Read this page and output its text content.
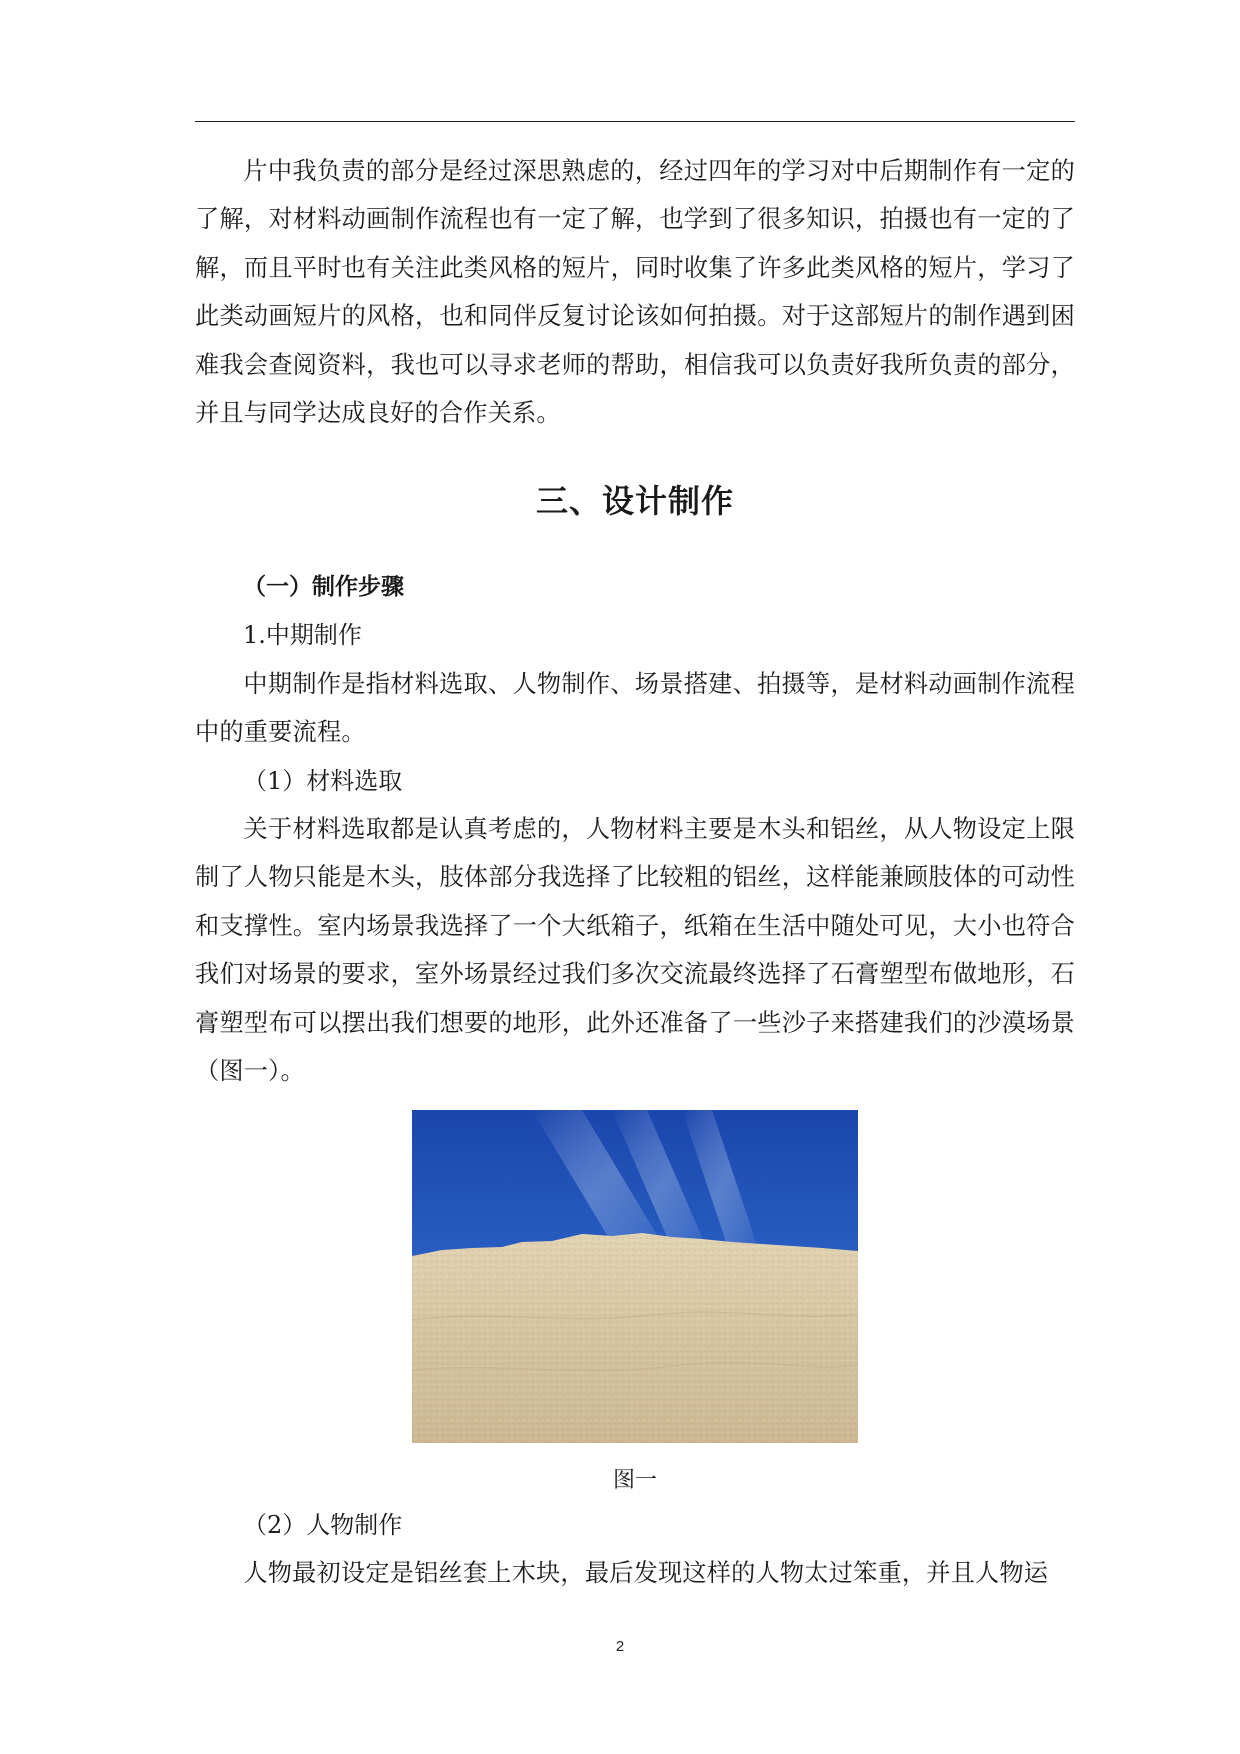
片中我负责的部分是经过深思熟虑的，经过四年的学习对中后期制作有一定的了解，对材料动画制作流程也有一定了解，也学到了很多知识，拍摄也有一定的了解，而且平时也有关注此类风格的短片，同时收集了许多此类风格的短片，学习了此类动画短片的风格，也和同伴反复讨论该如何拍摄。对于这部短片的制作遇到困难我会查阅资料，我也可以寻求老师的帮助，相信我可以负责好我所负责的部分，并且与同学达成良好的合作关系。

三、设计制作
（一）制作步骤

1.中期制作

中期制作是指材料选取、人物制作、场景搭建、拍摄等，是材料动画制作流程中的重要流程。

（1）材料选取

关于材料选取都是认真考虑的，人物材料主要是木头和铝丝，从人物设定上限制了人物只能是木头，肢体部分我选择了比较粗的铝丝，这样能兼顾肢体的可动性和支撑性。室内场景我选择了一个大纸箱子，纸箱在生活中随处可见，大小也符合我们对场景的要求，室外场景经过我们多次交流最终选择了石膏塑型布做地形，石膏塑型布可以摆出我们想要的地形，此外还准备了一些沙子来搭建我们的沙漠场景（图一）。

图一

（2）人物制作

人物最初设定是铝丝套上木块，最后发现这样的人物太过笨重，并且人物运

2
